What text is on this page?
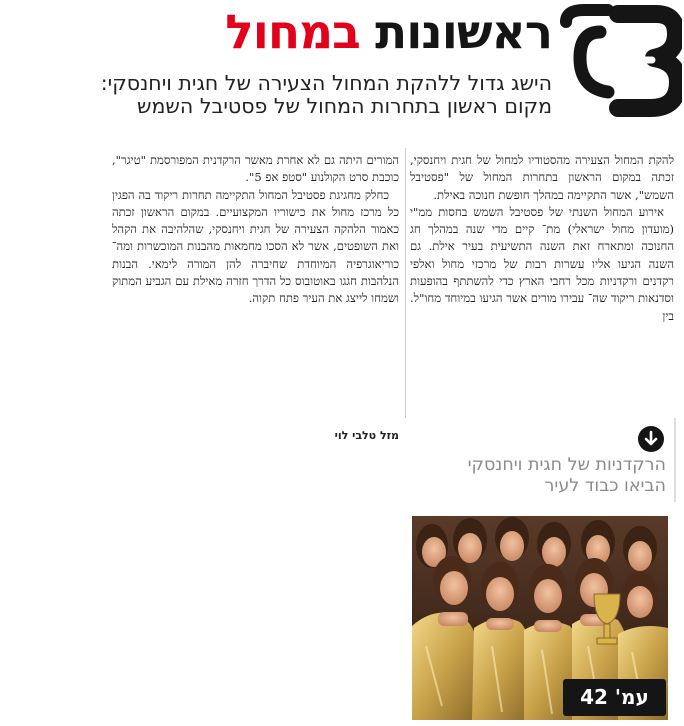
ראשונות במחול
הישג גדול ללהקת המחול הצעירה של חגית ויחנסקי:
מקום ראשון בתחרות המחול של פסטיבל השמש

להקת המחול הצעירה מהסטודיו למחול של חגית ויחנסקי, זכתה במקום הראשון בתחרות המחול של "פסטיבל השמש", אשר התקיימה במהלך חופשת חנוכה באילת.

אירוע המחול השנתי של פסטיבל השמש בחסות ממ"י (מועדון מחול ישראלי) מת־ קיים מדי שנה במהלך חג החנוכה ומתארח זאת השנה התשיעית בעיר אילת. גם השנה הגיעו אליו עשרות רבות של מרכזי מחול ואלפי רקדנים ורקדניות מכל רחבי הארץ כדי להשתתף בהופעות וסדנאות ריקוד שה־ עבירו מורים אשר הגיעו במיוחד מחו"ל. בין

המורים היתה גם לא אחרת מאשר הרקדנית המפורסמת "טיגר", כוכבת סרט הקולנוע "סטפ אפ 5".

כחלק מחגיגת פסטיבל המחול התקיימה תחרות ריקוד בה הפגין כל מרכז מחול את כישוריו המקצועיים. במקום הראשון זכתה כאמור הלהקה הצעירה של חגית ויחנסקי, שהלהיבה את הקהל ואת השופטים, אשר לא הסכו מחמאות מהבנות המוכשרות ומה־ כוריאוגרפיה המיוחדת שחיברה להן המורה לימאי. הבנות הנלהבות חגגו באוטובוס כל הדרך חזרה מאילת עם הגביע המתוק ושמחו לייצג את העיר פתח תקוה.

מזל טלבי לוי
הרקדניות של חגית ויחנסקי
הביאו כבוד לעיר
עמ' 42
